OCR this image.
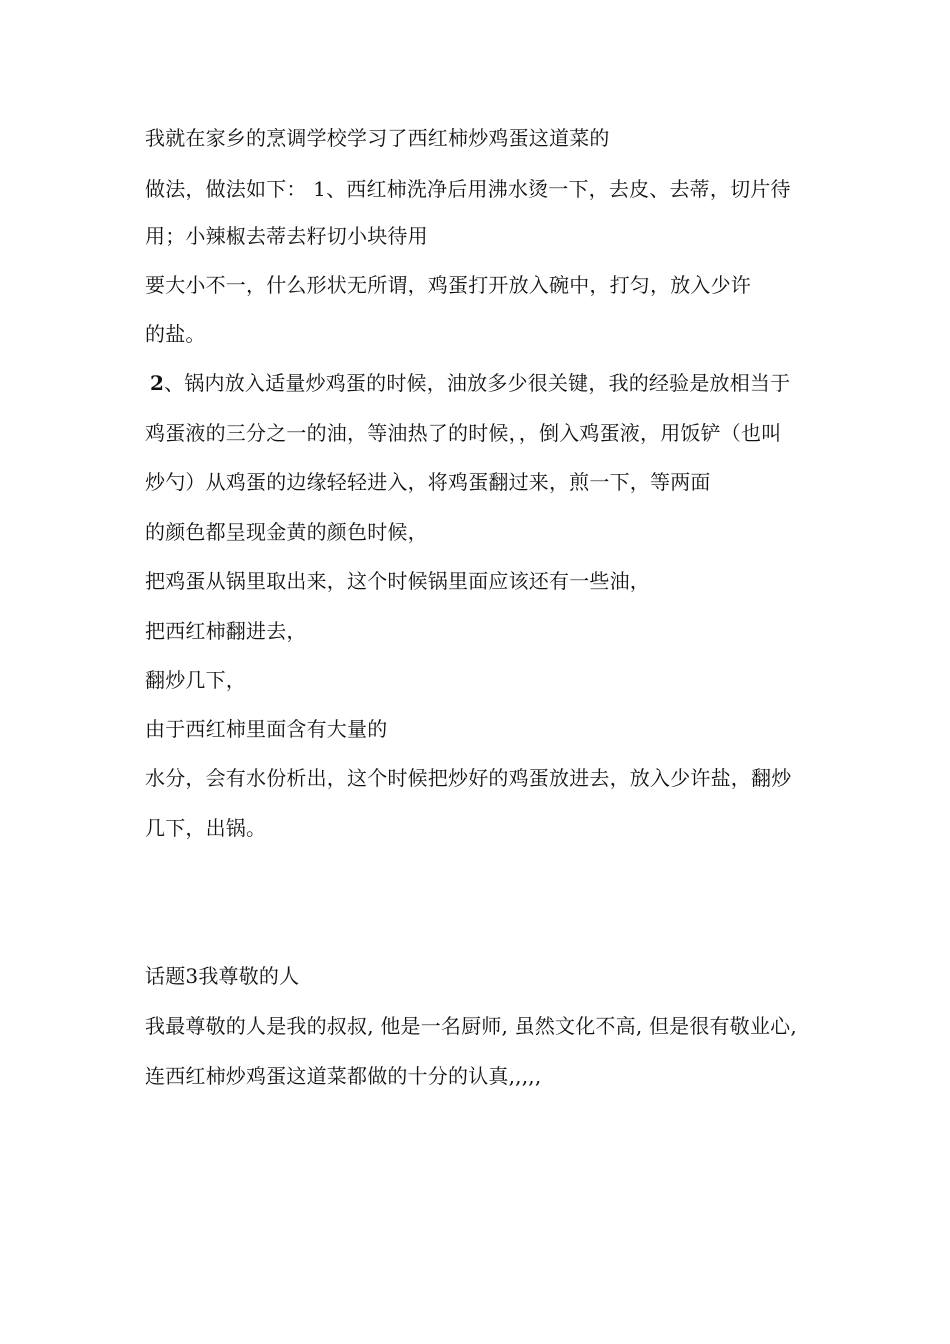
我就在家乡的烹调学校学习了西红柿炒鸡蛋这道菜的
做法，做法如下： 1、西红柿洗净后用沸水烫一下，去皮、去蒂，切片待
用；小辣椒去蒂去籽切小块待用
要大小不一，什么形状无所谓，鸡蛋打开放入碗中，打匀，放入少许
的盐。
2、锅内放入适量炒鸡蛋的时候，油放多少很关键，我的经验是放相当于
鸡蛋液的三分之一的油，等油热了的时候，，倒入鸡蛋液，用饭铲（也叫
炒勺）从鸡蛋的边缘轻轻进入，将鸡蛋翻过来，煎一下，等两面
的颜色都呈现金黄的颜色时候，
把鸡蛋从锅里取出来，这个时候锅里面应该还有一些油，
把西红柿翻进去，
翻炒几下，
由于西红柿里面含有大量的
水分，会有水份析出，这个时候把炒好的鸡蛋放进去，放入少许盐，翻炒
几下，出锅。
话题3我尊敬的人
我最尊敬的人是我的叔叔, 他是一名厨师, 虽然文化不高, 但是很有敬业心,
连西红柿炒鸡蛋这道菜都做的十分的认真,,,,,
